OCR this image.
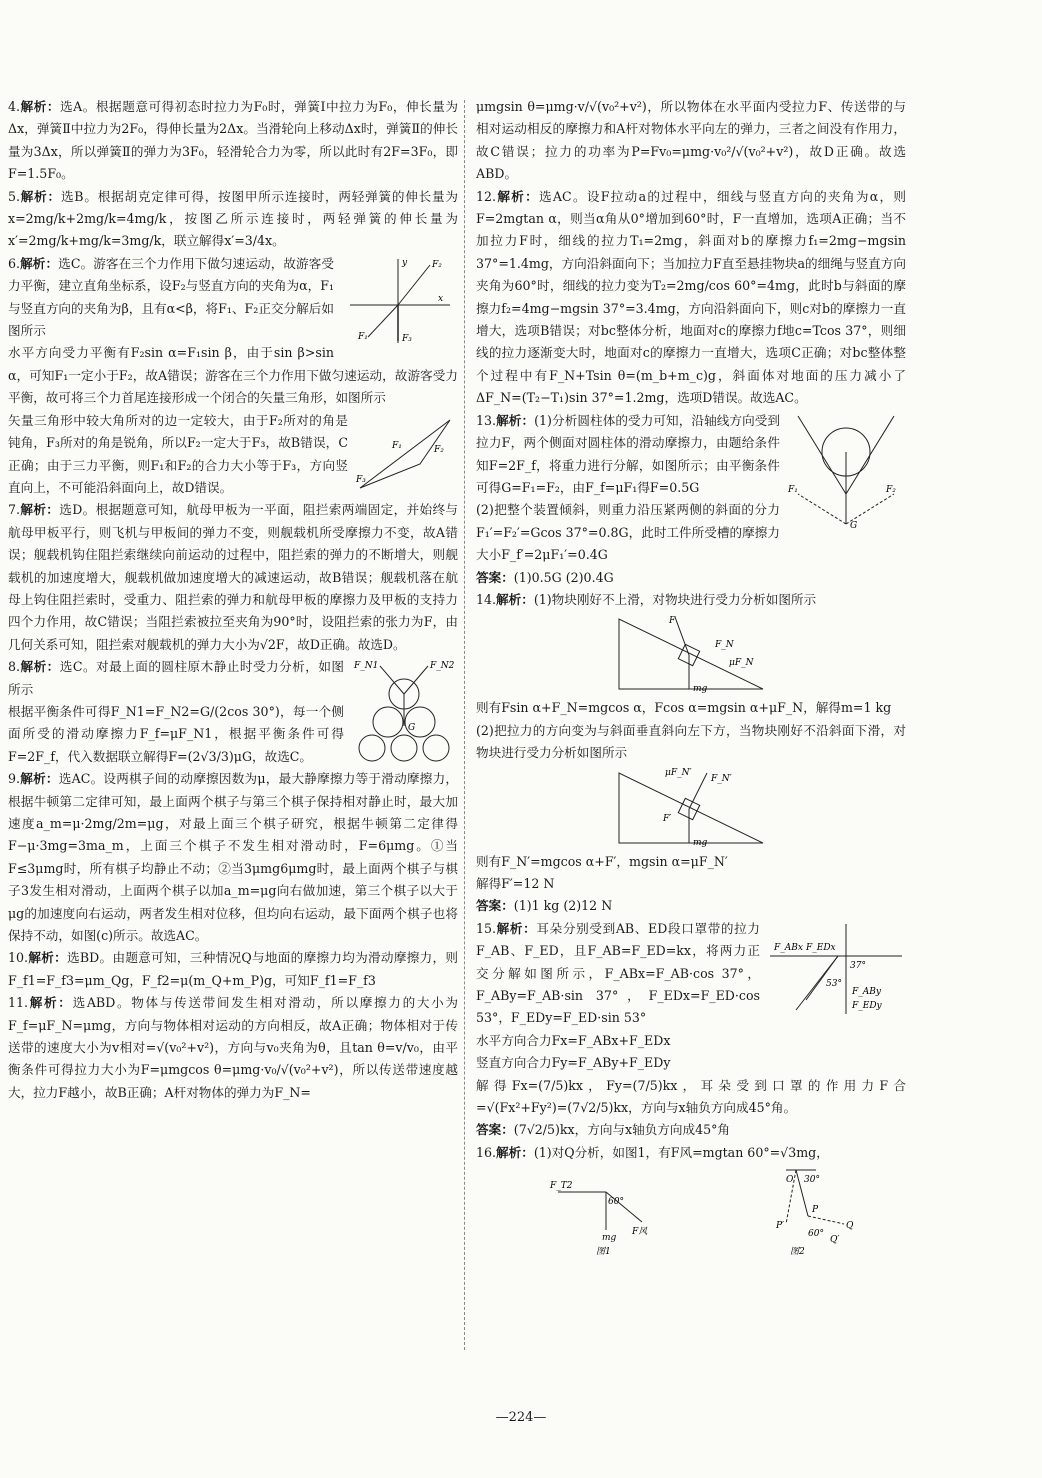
4.解析：选A。根据题意可得初态时拉力为F₀时，弹簧Ⅰ中拉力为F₀，伸长量为Δx，弹簧Ⅱ中拉力为2F₀，得伸长量为2Δx。当滑轮向上移动Δx时，弹簧Ⅱ的伸长量为3Δx，所以弹簧Ⅱ的弹力为3F₀，轻滑轮合力为零，所以此时有2F=3F₀，即F=1.5F₀。

5.解析：选B。根据胡克定律可得，按图甲所示连接时，两轻弹簧的伸长量为x=2mg/k+2mg/k=4mg/k，按图乙所示连接时，两轻弹簧的伸长量为x′=2mg/k+mg/k=3mg/k，联立解得x′=3/4x。

F₂
F₁	F₃
x
y

6.解析：选C。游客在三个力作用下做匀速运动，故游客受力平衡，建立直角坐标系，设F₂与竖直方向的夹角为α，F₁与竖直方向的夹角为β，且有α<β，将F₁、F₂正交分解后如图所示

水平方向受力平衡有F₂sin α=F₁sin β，由于sin β>sin α，可知F₁一定小于F₂，故A错误；游客在三个力作用下做匀速运动，故游客受力平衡，故可将三个力首尾连接形成一个闭合的矢量三角形，如图所示

F₁	F₂
F₃

矢量三角形中较大角所对的边一定较大，由于F₂所对的角是钝角，F₃所对的角是锐角，所以F₂一定大于F₃，故B错误，C正确；由于三力平衡，则F₁和F₂的合力大小等于F₃，方向竖直向上，不可能沿斜面向上，故D错误。

7.解析：选D。根据题意可知，航母甲板为一平面，阻拦索两端固定，并始终与航母甲板平行，则飞机与甲板间的弹力不变，则舰载机所受摩擦力不变，故A错误；舰载机钩住阻拦索继续向前运动的过程中，阻拦索的弹力的不断增大，则舰载机的加速度增大，舰载机做加速度增大的减速运动，故B错误；舰载机落在航母上钩住阻拦索时，受重力、阻拦索的弹力和航母甲板的摩擦力及甲板的支持力四个力作用，故C错误；当阻拦索被拉至夹角为90°时，设阻拦索的张力为F，由几何关系可知，阻拦索对舰载机的弹力大小为√2F，故D正确。故选D。

F_N1	F_N2
G

8.解析：选C。对最上面的圆柱原木静止时受力分析，如图所示

根据平衡条件可得F_N1=F_N2=G/(2cos 30°)，每一个侧面所受的滑动摩擦力F_f=μF_N1，根据平衡条件可得F=2F_f，代入数据联立解得F=(2√3/3)μG，故选C。

9.解析：选AC。设两棋子间的动摩擦因数为μ，最大静摩擦力等于滑动摩擦力，根据牛顿第二定律可知，最上面两个棋子与第三个棋子保持相对静止时，最大加速度a_m=μ·2mg/2m=μg，对最上面三个棋子研究，根据牛顿第二定律得F−μ·3mg=3ma_m，上面三个棋子不发生相对滑动时，F=6μmg。①当F≤3μmg时，所有棋子均静止不动；②当3μmg6μmg时，最上面两个棋子与棋子3发生相对滑动，上面两个棋子以加a_m=μg向右做加速，第三个棋子以大于μg的加速度向右运动，两者发生相对位移，但均向右运动，最下面两个棋子也将保持不动，如图(c)所示。故选AC。

10.解析：选BD。由题意可知，三种情况Q与地面的摩擦力均为滑动摩擦力，则F_f1=F_f3=μm_Qg，F_f2=μ(m_Q+m_P)g，可知F_f1=F_f3

11.解析：选ABD。物体与传送带间发生相对滑动，所以摩擦力的大小为F_f=μF_N=μmg，方向与物体相对运动的方向相反，故A正确；物体相对于传送带的速度大小为v相对=√(v₀²+v²)，方向与v₀夹角为θ，且tan θ=v/v₀，由平衡条件可得拉力大小为F=μmgcos θ=μmg·v₀/√(v₀²+v²)，所以传送带速度越大，拉力F越小，故B正确；A杆对物体的弹力为F_N=

μmgsin θ=μmg·v/√(v₀²+v²)，所以物体在水平面内受拉力F、传送带的与相对运动相反的摩擦力和A杆对物体水平向左的弹力，三者之间没有作用力，故C错误；拉力的功率为P=Fv₀=μmg·v₀²/√(v₀²+v²)，故D正确。故选ABD。

12.解析：选AC。设F拉动a的过程中，细线与竖直方向的夹角为α，则F=2mgtan α，则当α角从0°增加到60°时，F一直增加，选项A正确；当不加拉力F时，细线的拉力T₁=2mg，斜面对b的摩擦力f₁=2mg−mgsin 37°=1.4mg，方向沿斜面向下；当加拉力F直至悬挂物块a的细绳与竖直方向夹角为60°时，细线的拉力变为T₂=2mg/cos 60°=4mg，此时b与斜面的摩擦力f₂=4mg−mgsin 37°=3.4mg，方向沿斜面向下，则c对b的摩擦力一直增大，选项B错误；对bc整体分析，地面对c的摩擦力f地c=Tcos 37°，则细线的拉力逐渐变大时，地面对c的摩擦力一直增大，选项C正确；对bc整体整个过程中有F_N+Tsin θ=(m_b+m_c)g，斜面体对地面的压力减小了ΔF_N=(T₂−T₁)sin 37°=1.2mg，选项D错误。故选AC。

F₁	F₂
G

13.解析：(1)分析圆柱体的受力可知，沿轴线方向受到拉力F，两个侧面对圆柱体的滑动摩擦力，由题给条件知F=2F_f，将重力进行分解，如图所示；由平衡条件可得G=F₁=F₂，由F_f=μF₁得F=0.5G

(2)把整个装置倾斜，则重力沿压紧两侧的斜面的分力F₁′=F₂′=Gcos 37°=0.8G，此时工件所受槽的摩擦力大小F_f′=2μF₁′=0.4G

答案：(1)0.5G (2)0.4G

14.解析：(1)物块刚好不上滑，对物块进行受力分析如图所示

F
F_N
μF_N
mg

则有Fsin α+F_N=mgcos α，Fcos α=mgsin α+μF_N，解得m=1 kg

(2)把拉力的方向变为与斜面垂直斜向左下方，当物块刚好不沿斜面下滑，对物块进行受力分析如图所示

μF_N′
F_N′
F′
mg

则有F_N′=mgcos α+F′，mgsin α=μF_N′

解得F′=12 N

答案：(1)1 kg (2)12 N

F_ABx F_EDx
37°
53°
F_ABy
F_EDy

15.解析：耳朵分别受到AB、ED段口罩带的拉力F_AB、F_ED，且F_AB=F_ED=kx，将两力正交分解如图所示，F_ABx=F_AB·cos 37°，F_ABy=F_AB·sin 37°，F_EDx=F_ED·cos 53°，F_EDy=F_ED·sin 53°

水平方向合力Fx=F_ABx+F_EDx

竖直方向合力Fy=F_ABy+F_EDy

解得Fx=(7/5)kx，Fy=(7/5)kx，耳朵受到口罩的作用力F合=√(Fx²+Fy²)=(7√2/5)kx，方向与x轴负方向成45°角。

答案：(7√2/5)kx，方向与x轴负方向成45°角

16.解析：(1)对Q分析，如图1，有F风=mgtan 60°=√3mg，

F_T2
60°
mg
F风
图1
O 30°
P′
P
60°
Q
Q′
图2
—224—
